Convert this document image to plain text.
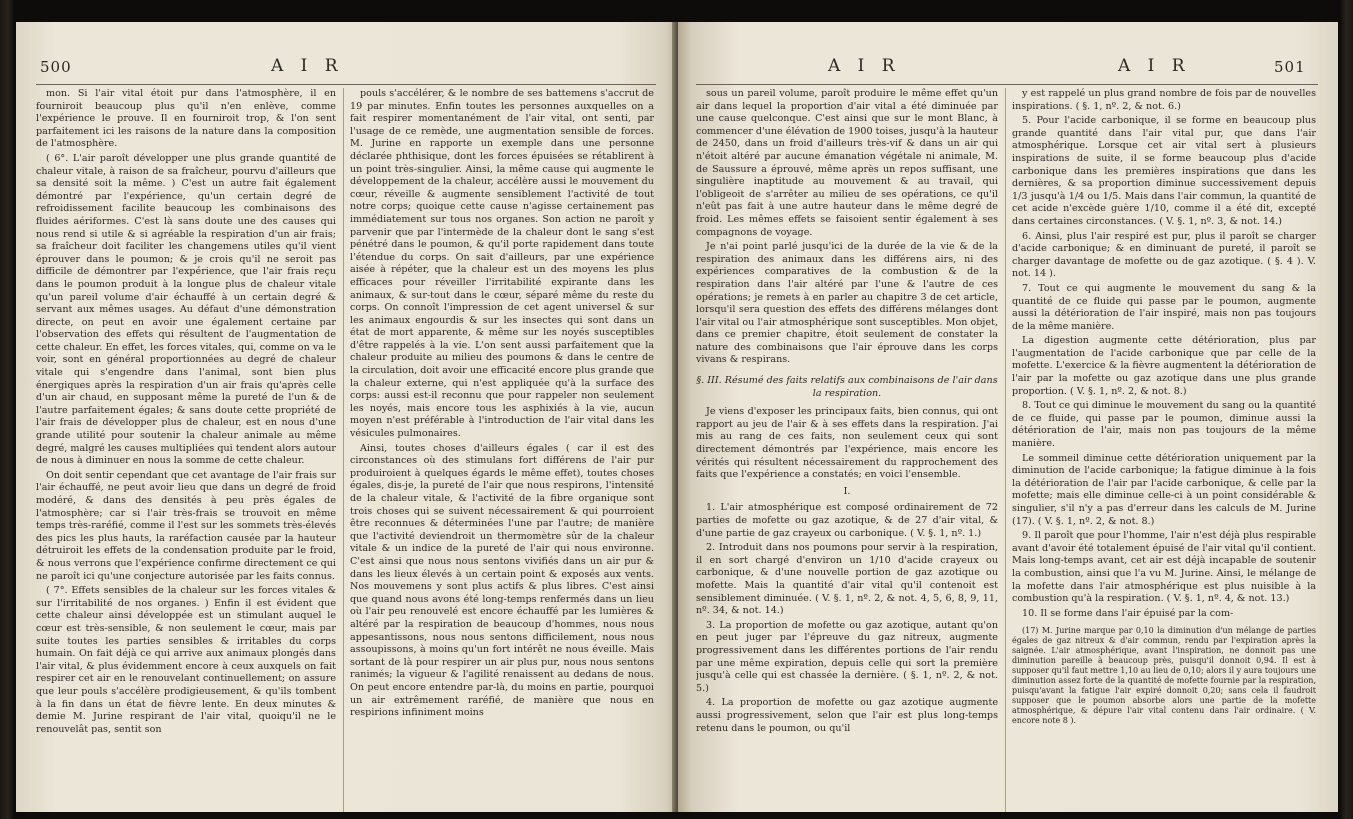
500	A I R

mon. Si l'air vital étoit pur dans l'atmosphère, il en fourniroit beaucoup plus qu'il n'en enlève, comme l'expérience le prouve. Il en fourniroit trop, & l'on sent parfaitement ici les raisons de la nature dans la composition de l'atmosphère.

( 6°. L'air paroît développer une plus grande quantité de chaleur vitale, à raison de sa fraîcheur, pourvu d'ailleurs que sa densité soit la même. ) C'est un autre fait également démontré par l'expérience, qu'un certain degré de refroidissement facilite beaucoup les combinaisons des fluides aériformes. C'est là sans doute une des causes qui nous rend si utile & si agréable la respiration d'un air frais; sa fraîcheur doit faciliter les changemens utiles qu'il vient éprouver dans le poumon; & je crois qu'il ne seroit pas difficile de démontrer par l'expérience, que l'air frais reçu dans le poumon produit à la longue plus de chaleur vitale qu'un pareil volume d'air échauffé à un certain degré & servant aux mêmes usages. Au défaut d'une démonstration directe, on peut en avoir une également certaine par l'observation des effets qui résultent de l'augmentation de cette chaleur. En effet, les forces vitales, qui, comme on va le voir, sont en général proportionnées au degré de chaleur vitale qui s'engendre dans l'animal, sont bien plus énergiques après la respiration d'un air frais qu'après celle d'un air chaud, en supposant même la pureté de l'un & de l'autre parfaitement égales; & sans doute cette propriété de l'air frais de développer plus de chaleur, est en nous d'une grande utilité pour soutenir la chaleur animale au même degré, malgré les causes multipliées qui tendent alors autour de nous à diminuer en nous la somme de cette chaleur.

On doit sentir cependant que cet avantage de l'air frais sur l'air échauffé, ne peut avoir lieu que dans un degré de froid modéré, & dans des densités à peu près égales de l'atmosphère; car si l'air très-frais se trouvoit en même temps très-raréfié, comme il l'est sur les sommets très-élevés des pics les plus hauts, la raréfaction causée par la hauteur détruiroit les effets de la condensation produite par le froid, & nous verrons que l'expérience confirme directement ce qui ne paroît ici qu'une conjecture autorisée par les faits connus.

( 7°. Effets sensibles de la chaleur sur les forces vitales & sur l'irritabilité de nos organes. ) Enfin il est évident que cette chaleur ainsi développée est un stimulant auquel le cœur est très-sensible, & non seulement le cœur, mais par suite toutes les parties sensibles & irritables du corps humain. On fait déjà ce qui arrive aux animaux plongés dans l'air vital, & plus évidemment encore à ceux auxquels on fait respirer cet air en le renouvelant continuellement; on assure que leur pouls s'accélère prodigieusement, & qu'ils tombent à la fin dans un état de fièvre lente. En deux minutes & demie M. Jurine respirant de l'air vital, quoiqu'il ne le renouvelât pas, sentit son

pouls s'accélérer, & le nombre de ses battemens s'accrut de 19 par minutes. Enfin toutes les personnes auxquelles on a fait respirer momentanément de l'air vital, ont senti, par l'usage de ce remède, une augmentation sensible de forces. M. Jurine en rapporte un exemple dans une personne déclarée phthisique, dont les forces épuisées se rétablirent à un point très-singulier. Ainsi, la même cause qui augmente le développement de la chaleur, accélère aussi le mouvement du cœur, réveille & augmente sensiblement l'activité de tout notre corps; quoique cette cause n'agisse certainement pas immédiatement sur tous nos organes. Son action ne paroît y parvenir que par l'intermède de la chaleur dont le sang s'est pénétré dans le poumon, & qu'il porte rapidement dans toute l'étendue du corps. On sait d'ailleurs, par une expérience aisée à répéter, que la chaleur est un des moyens les plus efficaces pour réveiller l'irritabilité expirante dans les animaux, & sur-tout dans le cœur, séparé même du reste du corps. On connoît l'impression de cet agent universel & sur les animaux engourdis & sur les insectes qui sont dans un état de mort apparente, & même sur les noyés susceptibles d'être rappelés à la vie. L'on sent aussi parfaitement que la chaleur produite au milieu des poumons & dans le centre de la circulation, doit avoir une efficacité encore plus grande que la chaleur externe, qui n'est appliquée qu'à la surface des corps: aussi est-il reconnu que pour rappeler non seulement les noyés, mais encore tous les asphixiés à la vie, aucun moyen n'est préférable à l'introduction de l'air vital dans les vésicules pulmonaires.

Ainsi, toutes choses d'ailleurs égales ( car il est des circonstances où des stimulans fort différens de l'air pur produiroient à quelques égards le même effet), toutes choses égales, dis-je, la pureté de l'air que nous respirons, l'intensité de la chaleur vitale, & l'activité de la fibre organique sont trois choses qui se suivent nécessairement & qui pourroient être reconnues & déterminées l'une par l'autre; de manière que l'activité deviendroit un thermomètre sûr de la chaleur vitale & un indice de la pureté de l'air qui nous environne. C'est ainsi que nous nous sentons vivifiés dans un air pur & dans les lieux élevés à un certain point & exposés aux vents. Nos mouvemens y sont plus actifs & plus libres. C'est ainsi que quand nous avons été long-temps renfermés dans un lieu où l'air peu renouvelé est encore échauffé par les lumières & altéré par la respiration de beaucoup d'hommes, nous nous appesantissons, nous nous sentons difficilement, nous nous assoupissons, à moins qu'un fort intérêt ne nous éveille. Mais sortant de là pour respirer un air plus pur, nous nous sentons ranimés; la vigueur & l'agilité renaissent au dedans de nous. On peut encore entendre par-là, du moins en partie, pourquoi un air extrêmement raréfié, de manière que nous en respirions infiniment moins

A I R	A I R	501

sous un pareil volume, paroît produire le même effet qu'un air dans lequel la proportion d'air vital a été diminuée par une cause quelconque. C'est ainsi que sur le mont Blanc, à commencer d'une élévation de 1900 toises, jusqu'à la hauteur de 2450, dans un froid d'ailleurs très-vif & dans un air qui n'étoit altéré par aucune émanation végétale ni animale, M. de Saussure a éprouvé, même après un repos suffisant, une singulière inaptitude au mouvement & au travail, qui l'obligeoit de s'arrêter au milieu de ses opérations, ce qu'il n'eût pas fait à une autre hauteur dans le même degré de froid. Les mêmes effets se faisoient sentir également à ses compagnons de voyage.

Je n'ai point parlé jusqu'ici de la durée de la vie & de la respiration des animaux dans les différens airs, ni des expériences comparatives de la combustion & de la respiration dans l'air altéré par l'une & l'autre de ces opérations; je remets à en parler au chapitre 3 de cet article, lorsqu'il sera question des effets des différens mélanges dont l'air vital ou l'air atmosphérique sont susceptibles. Mon objet, dans ce premier chapitre, étoit seulement de constater la nature des combinaisons que l'air éprouve dans les corps vivans & respirans.

§. III. Résumé des faits relatifs aux combinaisons de l'air dans la respiration.

Je viens d'exposer les principaux faits, bien connus, qui ont rapport au jeu de l'air & à ses effets dans la respiration. J'ai mis au rang de ces faits, non seulement ceux qui sont directement démontrés par l'expérience, mais encore les vérités qui résultent nécessairement du rapprochement des faits que l'expérience a constatés; en voici l'ensemble.

I.

1. L'air atmosphérique est composé ordinairement de 72 parties de mofette ou gaz azotique, & de 27 d'air vital, & d'une partie de gaz crayeux ou carbonique. ( V. §. 1, nº. 1.)

2. Introduit dans nos poumons pour servir à la respiration, il en sort chargé d'environ un 1/10 d'acide crayeux ou carbonique, & d'une nouvelle portion de gaz azotique ou mofette. Mais la quantité d'air vital qu'il contenoit est sensiblement diminuée. ( V. §. 1, nº. 2, & not. 4, 5, 6, 8, 9, 11, nº. 34, & not. 14.)

3. La proportion de mofette ou gaz azotique, autant qu'on en peut juger par l'épreuve du gaz nitreux, augmente progressivement dans les différentes portions de l'air rendu par une même expiration, depuis celle qui sort la première jusqu'à celle qui est chassée la dernière. ( §. 1, nº. 2, & not. 5.)

4. La proportion de mofette ou gaz azotique augmente aussi progressivement, selon que l'air est plus long-temps retenu dans le poumon, ou qu'il

y est rappelé un plus grand nombre de fois par de nouvelles inspirations. ( §. 1, nº. 2, & not. 6.)

5. Pour l'acide carbonique, il se forme en beaucoup plus grande quantité dans l'air vital pur, que dans l'air atmosphérique. Lorsque cet air vital sert à plusieurs inspirations de suite, il se forme beaucoup plus d'acide carbonique dans les premières inspirations que dans les dernières, & sa proportion diminue successivement depuis 1/3 jusqu'à 1/4 ou 1/5. Mais dans l'air commun, la quantité de cet acide n'excède guère 1/10, comme il a été dit, excepté dans certaines circonstances. ( V. §. 1, nº. 3, & not. 14.)

6. Ainsi, plus l'air respiré est pur, plus il paroît se charger d'acide carbonique; & en diminuant de pureté, il paroît se charger davantage de mofette ou de gaz azotique. ( §. 4 ). V. not. 14 ).

7. Tout ce qui augmente le mouvement du sang & la quantité de ce fluide qui passe par le poumon, augmente aussi la détérioration de l'air inspiré, mais non pas toujours de la même manière.

La digestion augmente cette détérioration, plus par l'augmentation de l'acide carbonique que par celle de la mofette. L'exercice & la fièvre augmentent la détérioration de l'air par la mofette ou gaz azotique dans une plus grande proportion. ( V. §. 1, nº. 2, & not. 8.)

8. Tout ce qui diminue le mouvement du sang ou la quantité de ce fluide, qui passe par le poumon, diminue aussi la détérioration de l'air, mais non pas toujours de la même manière.

Le sommeil diminue cette détérioration uniquement par la diminution de l'acide carbonique; la fatigue diminue à la fois la détérioration de l'air par l'acide carbonique, & celle par la mofette; mais elle diminue celle-ci à un point considérable & singulier, s'il n'y a pas d'erreur dans les calculs de M. Jurine (17). ( V. §. 1, nº. 2, & not. 8.)

9. Il paroît que pour l'homme, l'air n'est déjà plus respirable avant d'avoir été totalement épuisé de l'air vital qu'il contient. Mais long-temps avant, cet air est déjà incapable de soutenir la combustion, ainsi que l'a vu M. Jurine. Ainsi, le mélange de la mofette dans l'air atmosphérique est plus nuisible à la combustion qu'à la respiration. ( V. §. 1, nº. 4, & not. 13.)

10. Il se forme dans l'air épuisé par la com-

(17) M. Jurine marque par 0,10 la diminution d'un mélange de parties égales de gaz nitreux & d'air commun, rendu par l'expiration après la saignée. L'air atmosphérique, avant l'inspiration, ne donnoit pas une diminution pareille à beaucoup près, puisqu'il donnoit 0,94. Il est à supposer qu'il faut mettre 1,10 au lieu de 0,10; alors il y aura toujours une diminution assez forte de la quantité de mofette fournie par la respiration, puisqu'avant la fatigue l'air expiré donnoit 0,20; sans cela il faudroit supposer que le poumon absorbe alors une partie de la mofette atmosphérique, & dépure l'air vital contenu dans l'air ordinaire. ( V. encore note 8 ).
